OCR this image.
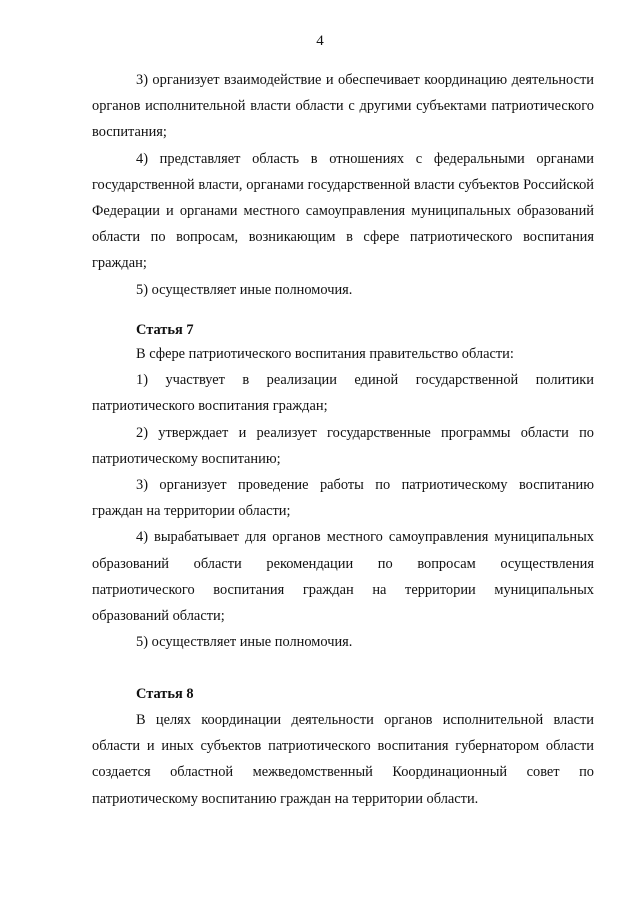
4

3) организует взаимодействие и обеспечивает координацию деятельности органов исполнительной власти области с другими субъектами патриотического воспитания;

4) представляет область в отношениях с федеральными органами государственной власти, органами государственной власти субъектов Российской Федерации и органами местного самоуправления муниципальных образований области по вопросам, возникающим в сфере патриотического воспитания граждан;

5) осуществляет иные полномочия.

Статья 7

В сфере патриотического воспитания правительство области:

1) участвует в реализации единой государственной политики патриотического воспитания граждан;

2) утверждает и реализует государственные программы области по патриотическому воспитанию;

3) организует проведение работы по патриотическому воспитанию граждан на территории области;

4) вырабатывает для органов местного самоуправления муниципальных образований области рекомендации по вопросам осуществления патриотического воспитания граждан на территории муниципальных образований области;

5) осуществляет иные полномочия.

Статья 8

В целях координации деятельности органов исполнительной власти области и иных субъектов патриотического воспитания губернатором области создается областной межведомственный Координационный совет по патриотическому воспитанию граждан на территории области.
